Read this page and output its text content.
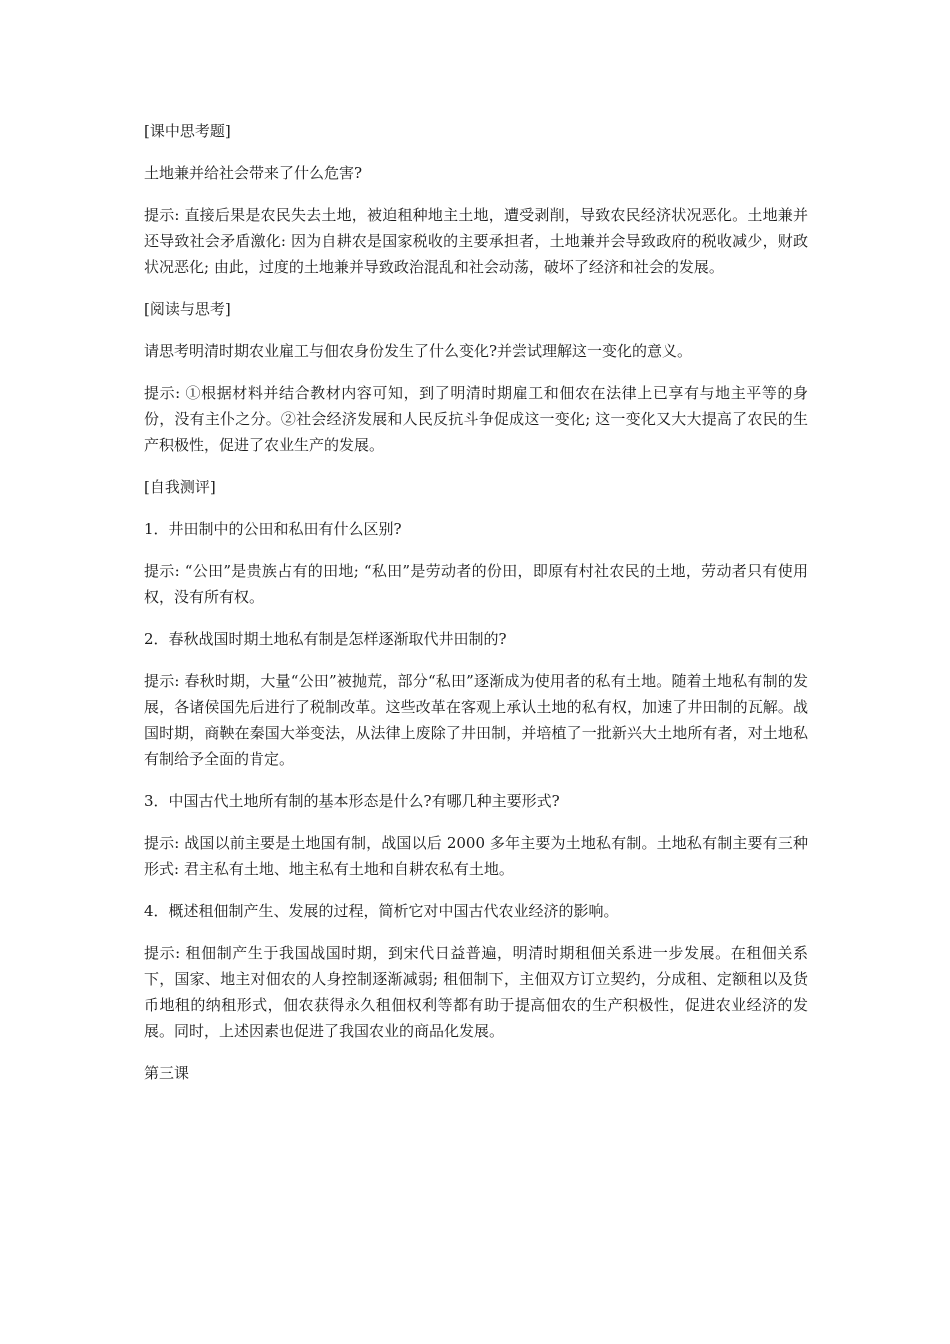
[课中思考题]

土地兼并给社会带来了什么危害?

提示: 直接后果是农民失去土地，被迫租种地主土地，遭受剥削，导致农民经济状况恶化。土地兼并还导致社会矛盾激化: 因为自耕农是国家税收的主要承担者，土地兼并会导致政府的税收减少，财政状况恶化; 由此，过度的土地兼并导致政治混乱和社会动荡，破坏了经济和社会的发展。

[阅读与思考]

请思考明清时期农业雇工与佃农身份发生了什么变化?并尝试理解这一变化的意义。

提示: ①根据材料并结合教材内容可知，到了明清时期雇工和佃农在法律上已享有与地主平等的身份，没有主仆之分。②社会经济发展和人民反抗斗争促成这一变化; 这一变化又大大提高了农民的生产积极性，促进了农业生产的发展。

[自我测评]

1．井田制中的公田和私田有什么区别?

提示: “公田”是贵族占有的田地; “私田”是劳动者的份田，即原有村社农民的土地，劳动者只有使用权，没有所有权。

2．春秋战国时期土地私有制是怎样逐渐取代井田制的?

提示: 春秋时期，大量“公田”被抛荒，部分“私田”逐渐成为使用者的私有土地。随着土地私有制的发展，各诸侯国先后进行了税制改革。这些改革在客观上承认土地的私有权，加速了井田制的瓦解。战国时期，商鞅在秦国大举变法，从法律上废除了井田制，并培植了一批新兴大土地所有者，对土地私有制给予全面的肯定。

3．中国古代土地所有制的基本形态是什么?有哪几种主要形式?

提示: 战国以前主要是土地国有制，战国以后 2000 多年主要为土地私有制。土地私有制主要有三种形式: 君主私有土地、地主私有土地和自耕农私有土地。

4．概述租佃制产生、发展的过程，简析它对中国古代农业经济的影响。

提示: 租佃制产生于我国战国时期，到宋代日益普遍，明清时期租佃关系进一步发展。在租佃关系下，国家、地主对佃农的人身控制逐渐减弱; 租佃制下，主佃双方订立契约，分成租、定额租以及货币地租的纳租形式，佃农获得永久租佃权利等都有助于提高佃农的生产积极性，促进农业经济的发展。同时，上述因素也促进了我国农业的商品化发展。

第三课
